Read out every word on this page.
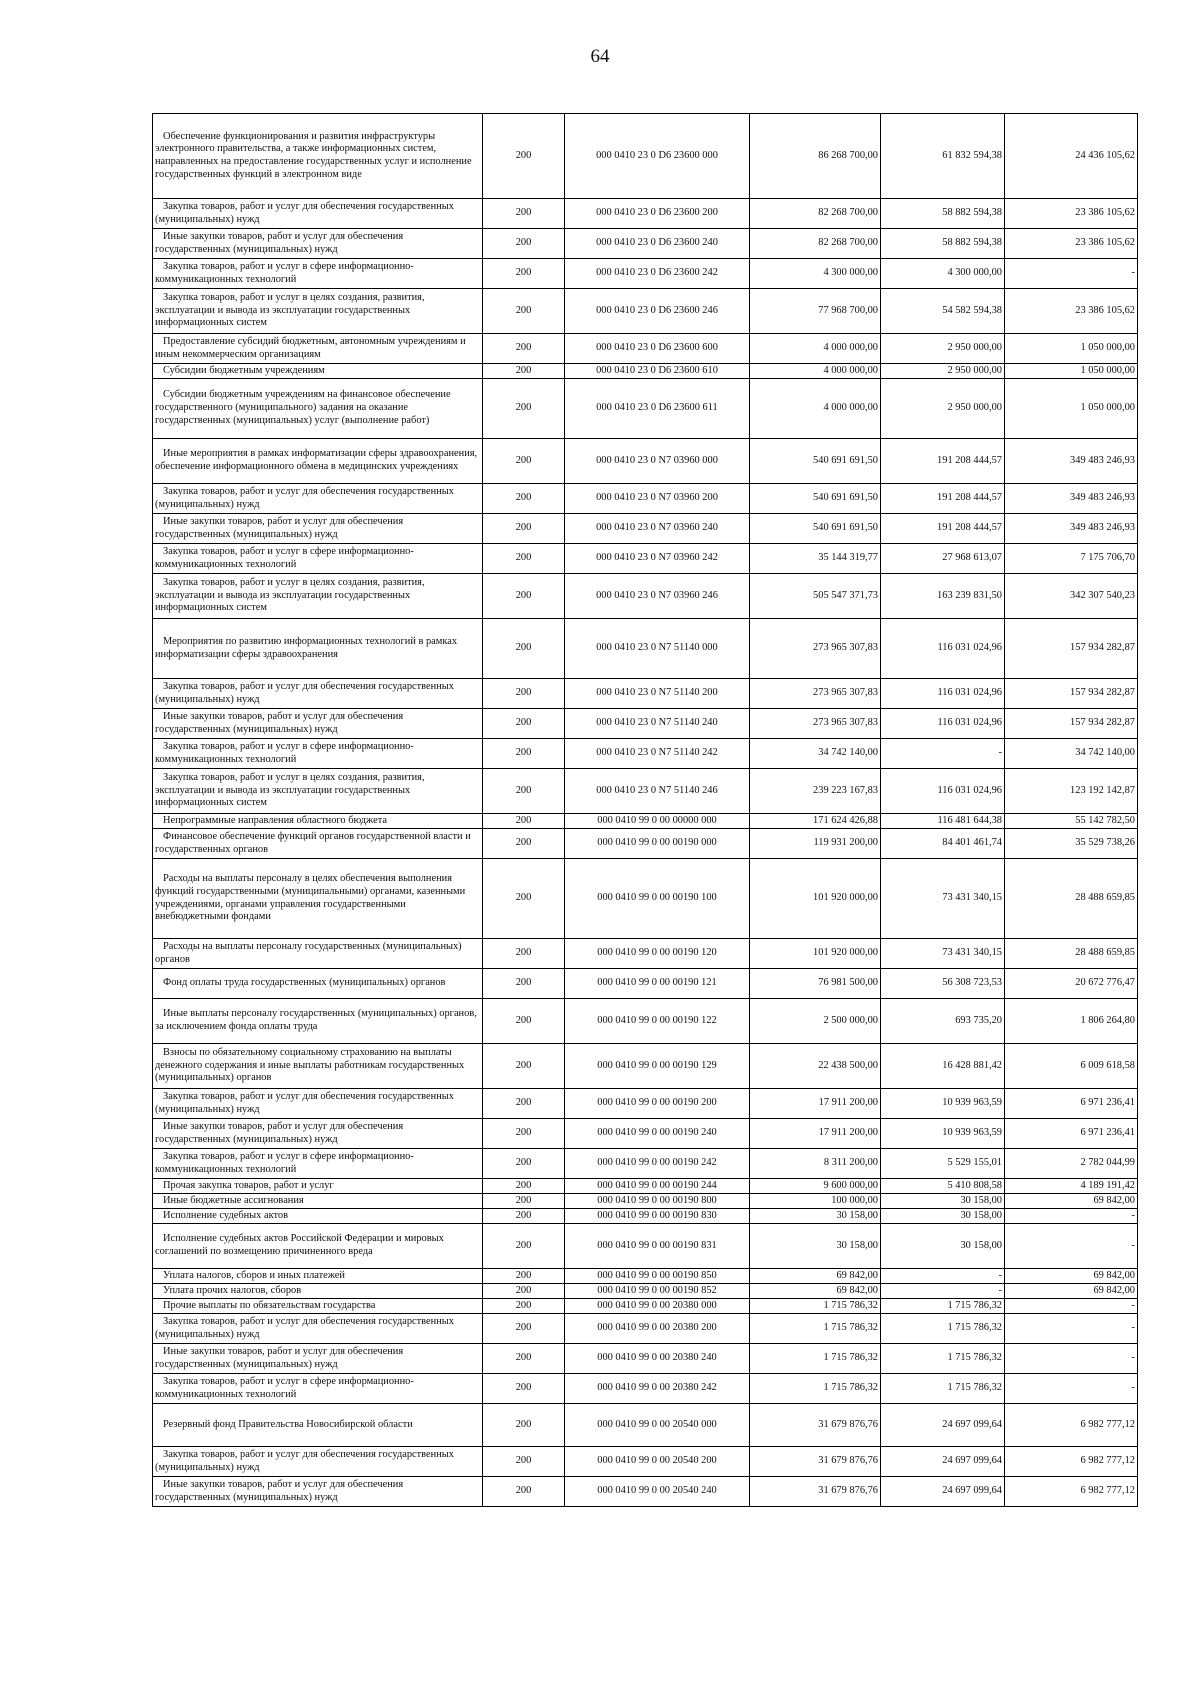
64
Обеспечение функционирования и развития инфраструктуры электронного правительства, а также информационных систем, направленных на предоставление государственных услуг и исполнение государственных функций в электронном виде	200	000 0410 23 0 D6 23600 000	86 268 700,00	61 832 594,38	24 436 105,62
Закупка товаров, работ и услуг для обеспечения государственных (муниципальных) нужд	200	000 0410 23 0 D6 23600 200	82 268 700,00	58 882 594,38	23 386 105,62
Иные закупки товаров, работ и услуг для обеспечения государственных (муниципальных) нужд	200	000 0410 23 0 D6 23600 240	82 268 700,00	58 882 594,38	23 386 105,62
Закупка товаров, работ и услуг в сфере информационно-коммуникационных технологий	200	000 0410 23 0 D6 23600 242	4 300 000,00	4 300 000,00	-
Закупка товаров, работ и услуг в целях создания, развития, эксплуатации и вывода из эксплуатации государственных информационных систем	200	000 0410 23 0 D6 23600 246	77 968 700,00	54 582 594,38	23 386 105,62
Предоставление субсидий бюджетным, автономным учреждениям и иным некоммерческим организациям	200	000 0410 23 0 D6 23600 600	4 000 000,00	2 950 000,00	1 050 000,00
Субсидии бюджетным учреждениям	200	000 0410 23 0 D6 23600 610	4 000 000,00	2 950 000,00	1 050 000,00
Субсидии бюджетным учреждениям на финансовое обеспечение государственного (муниципального) задания на оказание государственных (муниципальных) услуг (выполнение работ)	200	000 0410 23 0 D6 23600 611	4 000 000,00	2 950 000,00	1 050 000,00
Иные мероприятия в рамках информатизации сферы здравоохранения, обеспечение информационного обмена в медицинских учреждениях	200	000 0410 23 0 N7 03960 000	540 691 691,50	191 208 444,57	349 483 246,93
Закупка товаров, работ и услуг для обеспечения государственных (муниципальных) нужд	200	000 0410 23 0 N7 03960 200	540 691 691,50	191 208 444,57	349 483 246,93
Иные закупки товаров, работ и услуг для обеспечения государственных (муниципальных) нужд	200	000 0410 23 0 N7 03960 240	540 691 691,50	191 208 444,57	349 483 246,93
Закупка товаров, работ и услуг в сфере информационно-коммуникационных технологий	200	000 0410 23 0 N7 03960 242	35 144 319,77	27 968 613,07	7 175 706,70
Закупка товаров, работ и услуг в целях создания, развития, эксплуатации и вывода из эксплуатации государственных информационных систем	200	000 0410 23 0 N7 03960 246	505 547 371,73	163 239 831,50	342 307 540,23
Мероприятия по развитию информационных технологий в рамках информатизации сферы здравоохранения	200	000 0410 23 0 N7 51140 000	273 965 307,83	116 031 024,96	157 934 282,87
Закупка товаров, работ и услуг для обеспечения государственных (муниципальных) нужд	200	000 0410 23 0 N7 51140 200	273 965 307,83	116 031 024,96	157 934 282,87
Иные закупки товаров, работ и услуг для обеспечения государственных (муниципальных) нужд	200	000 0410 23 0 N7 51140 240	273 965 307,83	116 031 024,96	157 934 282,87
Закупка товаров, работ и услуг в сфере информационно-коммуникационных технологий	200	000 0410 23 0 N7 51140 242	34 742 140,00	-	34 742 140,00
Закупка товаров, работ и услуг в целях создания, развития, эксплуатации и вывода из эксплуатации государственных информационных систем	200	000 0410 23 0 N7 51140 246	239 223 167,83	116 031 024,96	123 192 142,87
Непрограммные направления областного бюджета	200	000 0410 99 0 00 00000 000	171 624 426,88	116 481 644,38	55 142 782,50
Финансовое обеспечение функций органов государственной власти и государственных органов	200	000 0410 99 0 00 00190 000	119 931 200,00	84 401 461,74	35 529 738,26
Расходы на выплаты персоналу в целях обеспечения выполнения функций государственными (муниципальными) органами, казенными учреждениями, органами управления государственными внебюджетными фондами	200	000 0410 99 0 00 00190 100	101 920 000,00	73 431 340,15	28 488 659,85
Расходы на выплаты персоналу государственных (муниципальных) органов	200	000 0410 99 0 00 00190 120	101 920 000,00	73 431 340,15	28 488 659,85
Фонд оплаты труда государственных (муниципальных) органов	200	000 0410 99 0 00 00190 121	76 981 500,00	56 308 723,53	20 672 776,47
Иные выплаты персоналу государственных (муниципальных) органов, за исключением фонда оплаты труда	200	000 0410 99 0 00 00190 122	2 500 000,00	693 735,20	1 806 264,80
Взносы по обязательному социальному страхованию на выплаты денежного содержания и иные выплаты работникам государственных (муниципальных) органов	200	000 0410 99 0 00 00190 129	22 438 500,00	16 428 881,42	6 009 618,58
Закупка товаров, работ и услуг для обеспечения государственных (муниципальных) нужд	200	000 0410 99 0 00 00190 200	17 911 200,00	10 939 963,59	6 971 236,41
Иные закупки товаров, работ и услуг для обеспечения государственных (муниципальных) нужд	200	000 0410 99 0 00 00190 240	17 911 200,00	10 939 963,59	6 971 236,41
Закупка товаров, работ и услуг в сфере информационно-коммуникационных технологий	200	000 0410 99 0 00 00190 242	8 311 200,00	5 529 155,01	2 782 044,99
Прочая закупка товаров, работ и услуг	200	000 0410 99 0 00 00190 244	9 600 000,00	5 410 808,58	4 189 191,42
Иные бюджетные ассигнования	200	000 0410 99 0 00 00190 800	100 000,00	30 158,00	69 842,00
Исполнение судебных актов	200	000 0410 99 0 00 00190 830	30 158,00	30 158,00	-
Исполнение судебных актов Российской Федерации и мировых соглашений по возмещению причиненного вреда	200	000 0410 99 0 00 00190 831	30 158,00	30 158,00	-
Уплата налогов, сборов и иных платежей	200	000 0410 99 0 00 00190 850	69 842,00	-	69 842,00
Уплата прочих налогов, сборов	200	000 0410 99 0 00 00190 852	69 842,00	-	69 842,00
Прочие выплаты по обязательствам государства	200	000 0410 99 0 00 20380 000	1 715 786,32	1 715 786,32	-
Закупка товаров, работ и услуг для обеспечения государственных (муниципальных) нужд	200	000 0410 99 0 00 20380 200	1 715 786,32	1 715 786,32	-
Иные закупки товаров, работ и услуг для обеспечения государственных (муниципальных) нужд	200	000 0410 99 0 00 20380 240	1 715 786,32	1 715 786,32	-
Закупка товаров, работ и услуг в сфере информационно-коммуникационных технологий	200	000 0410 99 0 00 20380 242	1 715 786,32	1 715 786,32	-
Резервный фонд Правительства Новосибирской области	200	000 0410 99 0 00 20540 000	31 679 876,76	24 697 099,64	6 982 777,12
Закупка товаров, работ и услуг для обеспечения государственных (муниципальных) нужд	200	000 0410 99 0 00 20540 200	31 679 876,76	24 697 099,64	6 982 777,12
Иные закупки товаров, работ и услуг для обеспечения государственных (муниципальных) нужд	200	000 0410 99 0 00 20540 240	31 679 876,76	24 697 099,64	6 982 777,12
